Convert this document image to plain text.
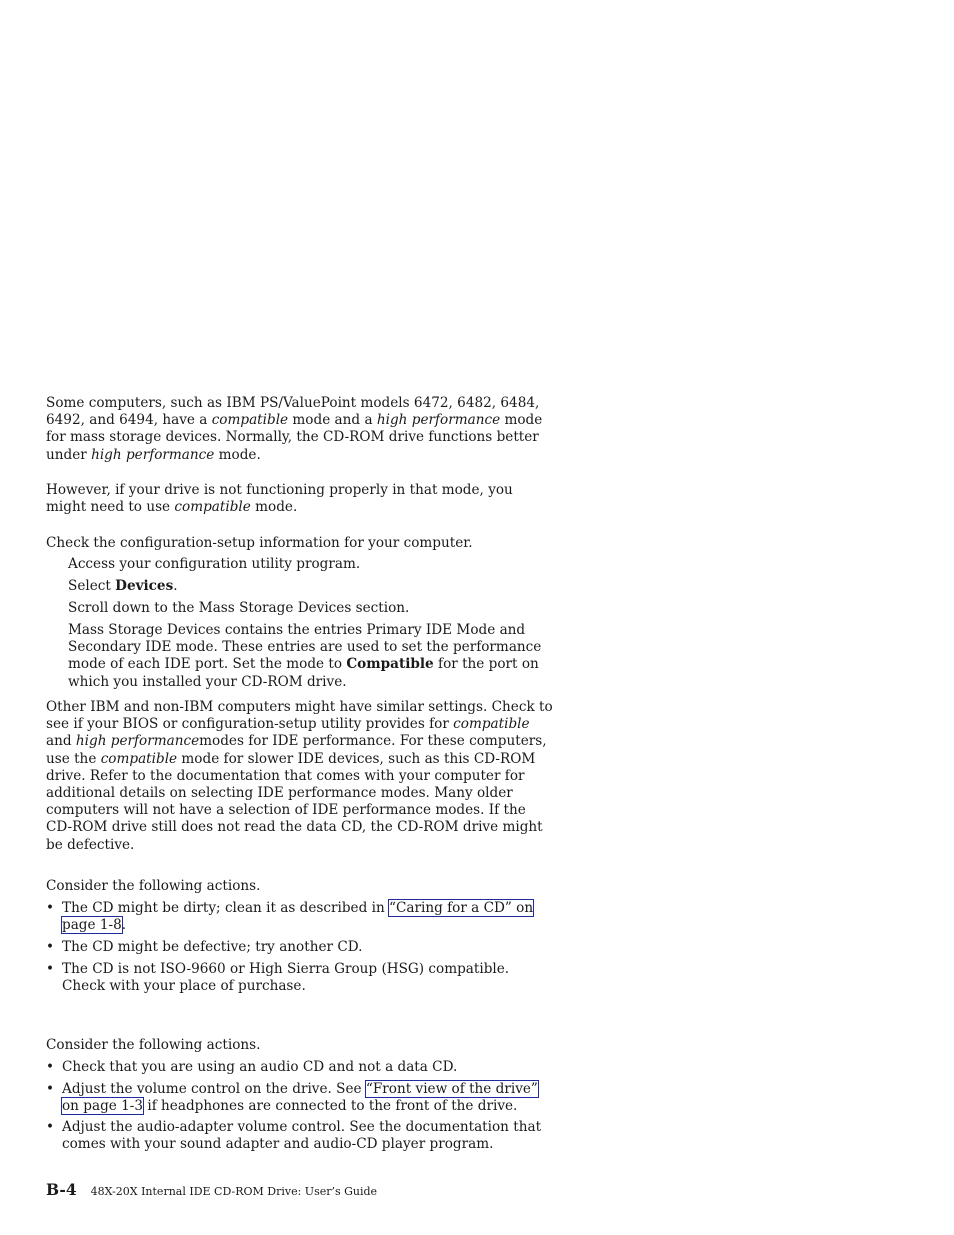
Some computers, such as IBM PS/ValuePoint models 6472, 6482, 6484, 6492, and 6494, have a compatible mode and a high performance mode for mass storage devices. Normally, the CD-ROM drive functions better under high performance mode.

However, if your drive is not functioning properly in that mode, you might need to use compatible mode.

Check the configuration-setup information for your computer.

Access your configuration utility program.

Select Devices.

Scroll down to the Mass Storage Devices section.

Mass Storage Devices contains the entries Primary IDE Mode and Secondary IDE mode. These entries are used to set the performance mode of each IDE port. Set the mode to Compatible for the port on which you installed your CD-ROM drive.

Other IBM and non-IBM computers might have similar settings. Check to see if your BIOS or configuration-setup utility provides for compatible and high performancemodes for IDE performance. For these computers, use the compatible mode for slower IDE devices, such as this CD-ROM drive. Refer to the documentation that comes with your computer for additional details on selecting IDE performance modes. Many older computers will not have a selection of IDE performance modes. If the CD-ROM drive still does not read the data CD, the CD-ROM drive might be defective.

Consider the following actions.

• The CD might be dirty; clean it as described in “Caring for a CD” on page 1-8.
• The CD might be defective; try another CD.
• The CD is not ISO-9660 or High Sierra Group (HSG) compatible. Check with your place of purchase.

Consider the following actions.

• Check that you are using an audio CD and not a data CD.
• Adjust the volume control on the drive. See “Front view of the drive” on page 1-3 if headphones are connected to the front of the drive.
• Adjust the audio-adapter volume control. See the documentation that comes with your sound adapter and audio-CD player program.
B-4 48X-20X Internal IDE CD-ROM Drive: User’s Guide
